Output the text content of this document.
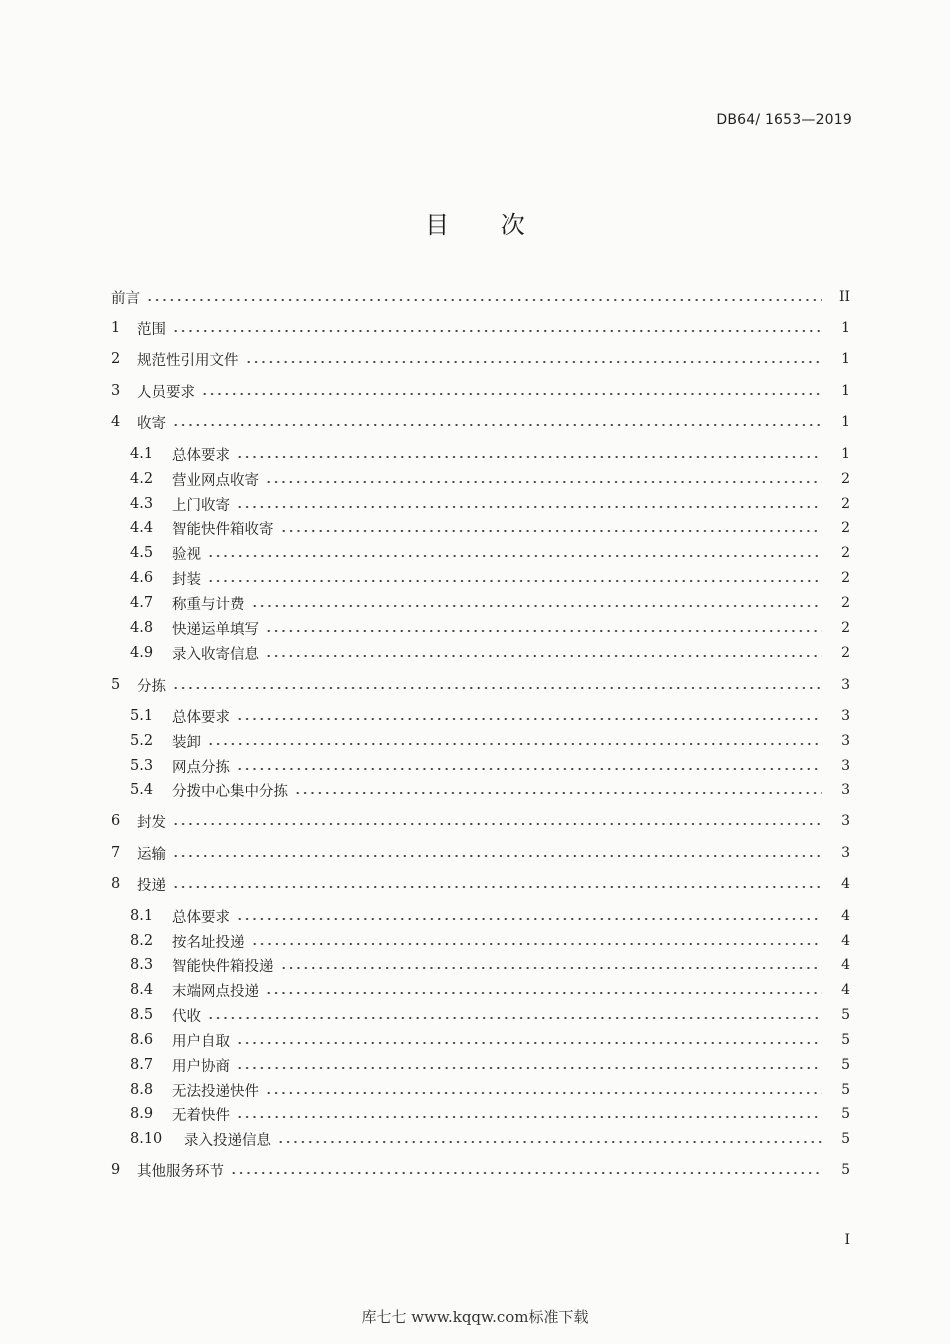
DB64/ 1653—2019
目 次
前言	II
1 范围	1
2 规范性引用文件	1
3 人员要求	1
4 收寄	1
4.1 总体要求	1
4.2 营业网点收寄	2
4.3 上门收寄	2
4.4 智能快件箱收寄	2
4.5 验视	2
4.6 封装	2
4.7 称重与计费	2
4.8 快递运单填写	2
4.9 录入收寄信息	2
5 分拣	3
5.1 总体要求	3
5.2 装卸	3
5.3 网点分拣	3
5.4 分拨中心集中分拣	3
6 封发	3
7 运输	3
8 投递	4
8.1 总体要求	4
8.2 按名址投递	4
8.3 智能快件箱投递	4
8.4 末端网点投递	4
8.5 代收	5
8.6 用户自取	5
8.7 用户协商	5
8.8 无法投递快件	5
8.9 无着快件	5
8.10 录入投递信息	5
9 其他服务环节	5
I
库七七 www.kqqw.com标准下载
